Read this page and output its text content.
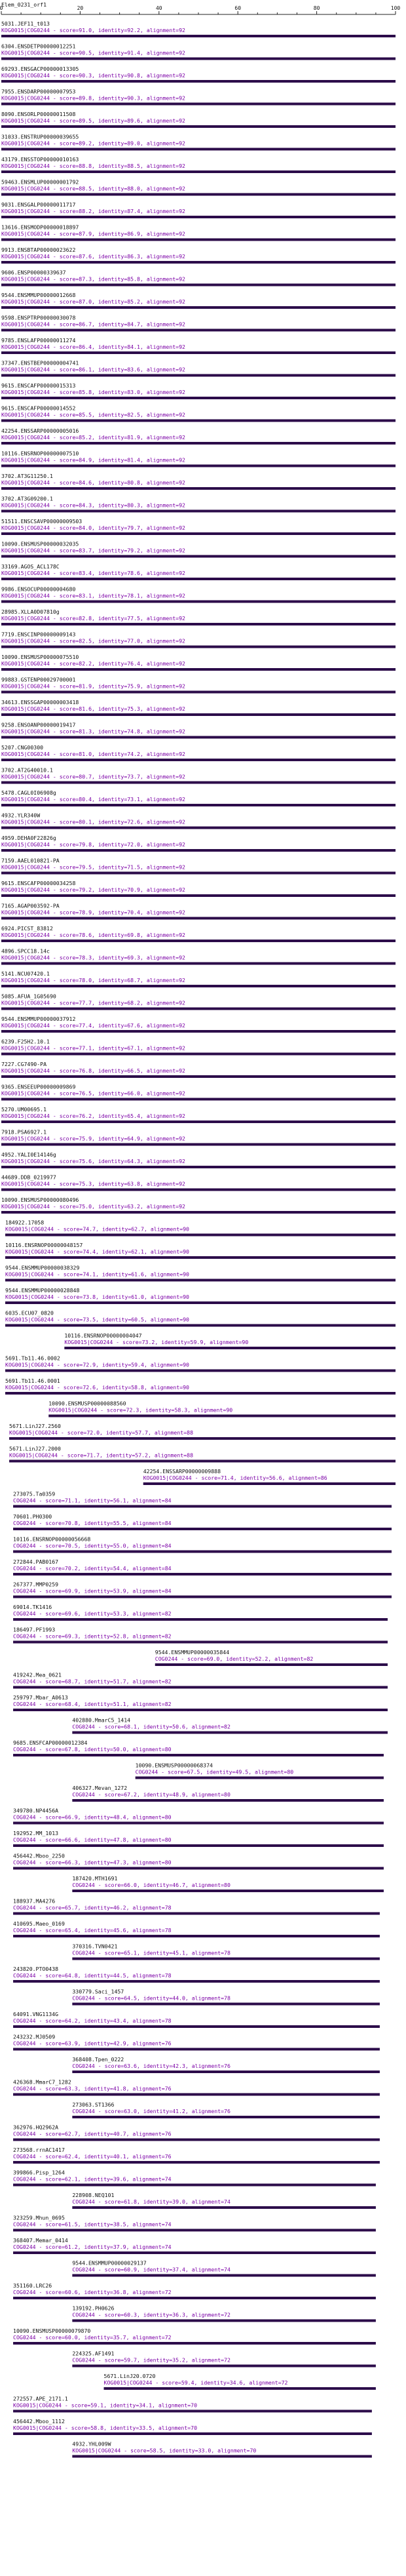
Elem_0231_orf1
0	20	40	60	80	100
5031.JEF11_t013
KOG0015|COG0244 - score=91.0, identity=92.2, alignment=92
6304.ENSDETP00000012251
KOG0015|COG0244 - score=90.5, identity=91.4, alignment=92
69293.ENSGACP00000013305
KOG0015|COG0244 - score=90.3, identity=90.8, alignment=92
7955.ENSDARP00000007953
KOG0015|COG0244 - score=89.8, identity=90.3, alignment=92
8090.ENSORLP00000011508
KOG0015|COG0244 - score=89.5, identity=89.6, alignment=92
31033.ENSTRUP00000039655
KOG0015|COG0244 - score=89.2, identity=89.0, alignment=92
43179.ENSSTOP00000010163
KOG0015|COG0244 - score=88.8, identity=88.5, alignment=92
59463.ENSMLUP00000001792
KOG0015|COG0244 - score=88.5, identity=88.0, alignment=92
9031.ENSGALP00000011717
KOG0015|COG0244 - score=88.2, identity=87.4, alignment=92
13616.ENSMODP00000018897
KOG0015|COG0244 - score=87.9, identity=86.9, alignment=92
9913.ENSBTAP00000023622
KOG0015|COG0244 - score=87.6, identity=86.3, alignment=92
9606.ENSP00000339637
KOG0015|COG0244 - score=87.3, identity=85.8, alignment=92
9544.ENSMMUP00000012668
KOG0015|COG0244 - score=87.0, identity=85.2, alignment=92
9598.ENSPTRP00000030078
KOG0015|COG0244 - score=86.7, identity=84.7, alignment=92
9785.ENSLAFP00000011274
KOG0015|COG0244 - score=86.4, identity=84.1, alignment=92
37347.ENSTBEP00000004741
KOG0015|COG0244 - score=86.1, identity=83.6, alignment=92
9615.ENSCAFP00000015313
KOG0015|COG0244 - score=85.8, identity=83.0, alignment=92
9615.ENSCAFP00000014552
KOG0015|COG0244 - score=85.5, identity=82.5, alignment=92
42254.ENSSARP00000005016
KOG0015|COG0244 - score=85.2, identity=81.9, alignment=92
10116.ENSRNOP00000007510
KOG0015|COG0244 - score=84.9, identity=81.4, alignment=92
3702.AT3G11250.1
KOG0015|COG0244 - score=84.6, identity=80.8, alignment=92
3702.AT3G09200.1
KOG0015|COG0244 - score=84.3, identity=80.3, alignment=92
51511.ENSCSAVP00000009503
KOG0015|COG0244 - score=84.0, identity=79.7, alignment=92
10090.ENSMUSP00000032035
KOG0015|COG0244 - score=83.7, identity=79.2, alignment=92
33169.AGOS_ACL178C
KOG0015|COG0244 - score=83.4, identity=78.6, alignment=92
9986.ENSOCUP00000004680
KOG0015|COG0244 - score=83.1, identity=78.1, alignment=92
28985.XLLA0D07810g
KOG0015|COG0244 - score=82.8, identity=77.5, alignment=92
7719.ENSCINP00000009143
KOG0015|COG0244 - score=82.5, identity=77.0, alignment=92
10090.ENSMUSP00000075510
KOG0015|COG0244 - score=82.2, identity=76.4, alignment=92
99883.GSTENP00029700001
KOG0015|COG0244 - score=81.9, identity=75.9, alignment=92
34613.ENSSGAP00000003418
KOG0015|COG0244 - score=81.6, identity=75.3, alignment=92
9258.ENSOANP00000019417
KOG0015|COG0244 - score=81.3, identity=74.8, alignment=92
5207.CNG00300
KOG0015|COG0244 - score=81.0, identity=74.2, alignment=92
3702.AT2G40010.1
KOG0015|COG0244 - score=80.7, identity=73.7, alignment=92
5478.CAGL0I06908g
KOG0015|COG0244 - score=80.4, identity=73.1, alignment=92
4932.YLR340W
KOG0015|COG0244 - score=80.1, identity=72.6, alignment=92
4959.DEHA0F22826g
KOG0015|COG0244 - score=79.8, identity=72.0, alignment=92
7159.AAEL010821-PA
KOG0015|COG0244 - score=79.5, identity=71.5, alignment=92
9615.ENSCAFP00000034258
KOG0015|COG0244 - score=79.2, identity=70.9, alignment=92
7165.AGAP003592-PA
KOG0015|COG0244 - score=78.9, identity=70.4, alignment=92
6924.PICST_83812
KOG0015|COG0244 - score=78.6, identity=69.8, alignment=92
4896.SPCC18.14c
KOG0015|COG0244 - score=78.3, identity=69.3, alignment=92
5141.NCU07420.1
KOG0015|COG0244 - score=78.0, identity=68.7, alignment=92
5085.AFUA_1G05690
KOG0015|COG0244 - score=77.7, identity=68.2, alignment=92
9544.ENSMMUP00000037912
KOG0015|COG0244 - score=77.4, identity=67.6, alignment=92
6239.F25H2.10.1
KOG0015|COG0244 - score=77.1, identity=67.1, alignment=92
7227.CG7490-PA
KOG0015|COG0244 - score=76.8, identity=66.5, alignment=92
9365.ENSEEUP00000009869
KOG0015|COG0244 - score=76.5, identity=66.0, alignment=92
5270.UM00695.1
KOG0015|COG0244 - score=76.2, identity=65.4, alignment=92
7918.PSA6927.1
KOG0015|COG0244 - score=75.9, identity=64.9, alignment=92
4952.YALI0E14146g
KOG0015|COG0244 - score=75.6, identity=64.3, alignment=92
44689.DDB_0219977
KOG0015|COG0244 - score=75.3, identity=63.8, alignment=92
10090.ENSMUSP00000080496
KOG0015|COG0244 - score=75.0, identity=63.2, alignment=92
184922.17058
KOG0015|COG0244 - score=74.7, identity=62.7, alignment=90
10116.ENSRNOP00000048157
KOG0015|COG0244 - score=74.4, identity=62.1, alignment=90
9544.ENSMMUP00000038329
KOG0015|COG0244 - score=74.1, identity=61.6, alignment=90
9544.ENSMMUP00000028848
KOG0015|COG0244 - score=73.8, identity=61.0, alignment=90
6035.ECU07_0820
KOG0015|COG0244 - score=73.5, identity=60.5, alignment=90
10116.ENSRNOP00000004047
KOG0015|COG0244 - score=73.2, identity=59.9, alignment=90
5691.Tb11.46.0002
KOG0015|COG0244 - score=72.9, identity=59.4, alignment=90
5691.Tb11.46.0001
KOG0015|COG0244 - score=72.6, identity=58.8, alignment=90
10090.ENSMUSP00000088560
KOG0015|COG0244 - score=72.3, identity=58.3, alignment=90
5671.LinJ27.2560
KOG0015|COG0244 - score=72.0, identity=57.7, alignment=88
5671.LinJ27.2000
KOG0015|COG0244 - score=71.7, identity=57.2, alignment=88
42254.ENSSARP00000009888
KOG0015|COG0244 - score=71.4, identity=56.6, alignment=86
273075.Ta0359
COG0244 - score=71.1, identity=56.1, alignment=84
70601.PH0300
COG0244 - score=70.8, identity=55.5, alignment=84
10116.ENSRNOP00000056668
COG0244 - score=70.5, identity=55.0, alignment=84
272844.PAB0167
COG0244 - score=70.2, identity=54.4, alignment=84
267377.MMP0259
COG0244 - score=69.9, identity=53.9, alignment=84
69014.TK1416
COG0244 - score=69.6, identity=53.3, alignment=82
186497.PF1993
COG0244 - score=69.3, identity=52.8, alignment=82
9544.ENSMMUP00000035844
COG0244 - score=69.0, identity=52.2, alignment=82
419242.Mea_0621
COG0244 - score=68.7, identity=51.7, alignment=82
259797.Mbar_A0613
COG0244 - score=68.4, identity=51.1, alignment=82
402880.MmarC5_1414
COG0244 - score=68.1, identity=50.6, alignment=82
9685.ENSFCAP00000012384
COG0244 - score=67.8, identity=50.0, alignment=80
10090.ENSMUSP00000068374
COG0244 - score=67.5, identity=49.5, alignment=80
406327.Mevan_1272
COG0244 - score=67.2, identity=48.9, alignment=80
349780.NP4456A
COG0244 - score=66.9, identity=48.4, alignment=80
192952.MM_1013
COG0244 - score=66.6, identity=47.8, alignment=80
456442.Mboo_2250
COG0244 - score=66.3, identity=47.3, alignment=80
187420.MTH1691
COG0244 - score=66.0, identity=46.7, alignment=80
188937.MA4276
COG0244 - score=65.7, identity=46.2, alignment=78
410695.Maeo_0169
COG0244 - score=65.4, identity=45.6, alignment=78
370316.TVN0421
COG0244 - score=65.1, identity=45.1, alignment=78
243820.PTO0438
COG0244 - score=64.8, identity=44.5, alignment=78
330779.Saci_1457
COG0244 - score=64.5, identity=44.0, alignment=78
64091.VNG1134G
COG0244 - score=64.2, identity=43.4, alignment=78
243232.MJ0509
COG0244 - score=63.9, identity=42.9, alignment=76
368408.Tpen_0222
COG0244 - score=63.6, identity=42.3, alignment=76
426368.MmarC7_1282
COG0244 - score=63.3, identity=41.8, alignment=76
273063.ST1366
COG0244 - score=63.0, identity=41.2, alignment=76
362976.HQ2962A
COG0244 - score=62.7, identity=40.7, alignment=76
273568.rrnAC1417
COG0244 - score=62.4, identity=40.1, alignment=76
399866.Pisp_1264
COG0244 - score=62.1, identity=39.6, alignment=74
228908.NEQ101
COG0244 - score=61.8, identity=39.0, alignment=74
323259.Mhun_0695
COG0244 - score=61.5, identity=38.5, alignment=74
368407.Memar_0414
COG0244 - score=61.2, identity=37.9, alignment=74
9544.ENSMMUP00000029137
COG0244 - score=60.9, identity=37.4, alignment=74
351160.LRC26
COG0244 - score=60.6, identity=36.8, alignment=72
139192.PH0626
COG0244 - score=60.3, identity=36.3, alignment=72
10090.ENSMUSP00000079870
COG0244 - score=60.0, identity=35.7, alignment=72
224325.AF1491
COG0244 - score=59.7, identity=35.2, alignment=72
5671.LinJ20.0720
KOG0015|COG0244 - score=59.4, identity=34.6, alignment=72
272557.APE_2171.1
KOG0015|COG0244 - score=59.1, identity=34.1, alignment=70
456442.Mboo_1112
KOG0015|COG0244 - score=58.8, identity=33.5, alignment=70
4932.YHL009W
KOG0015|COG0244 - score=58.5, identity=33.0, alignment=70
